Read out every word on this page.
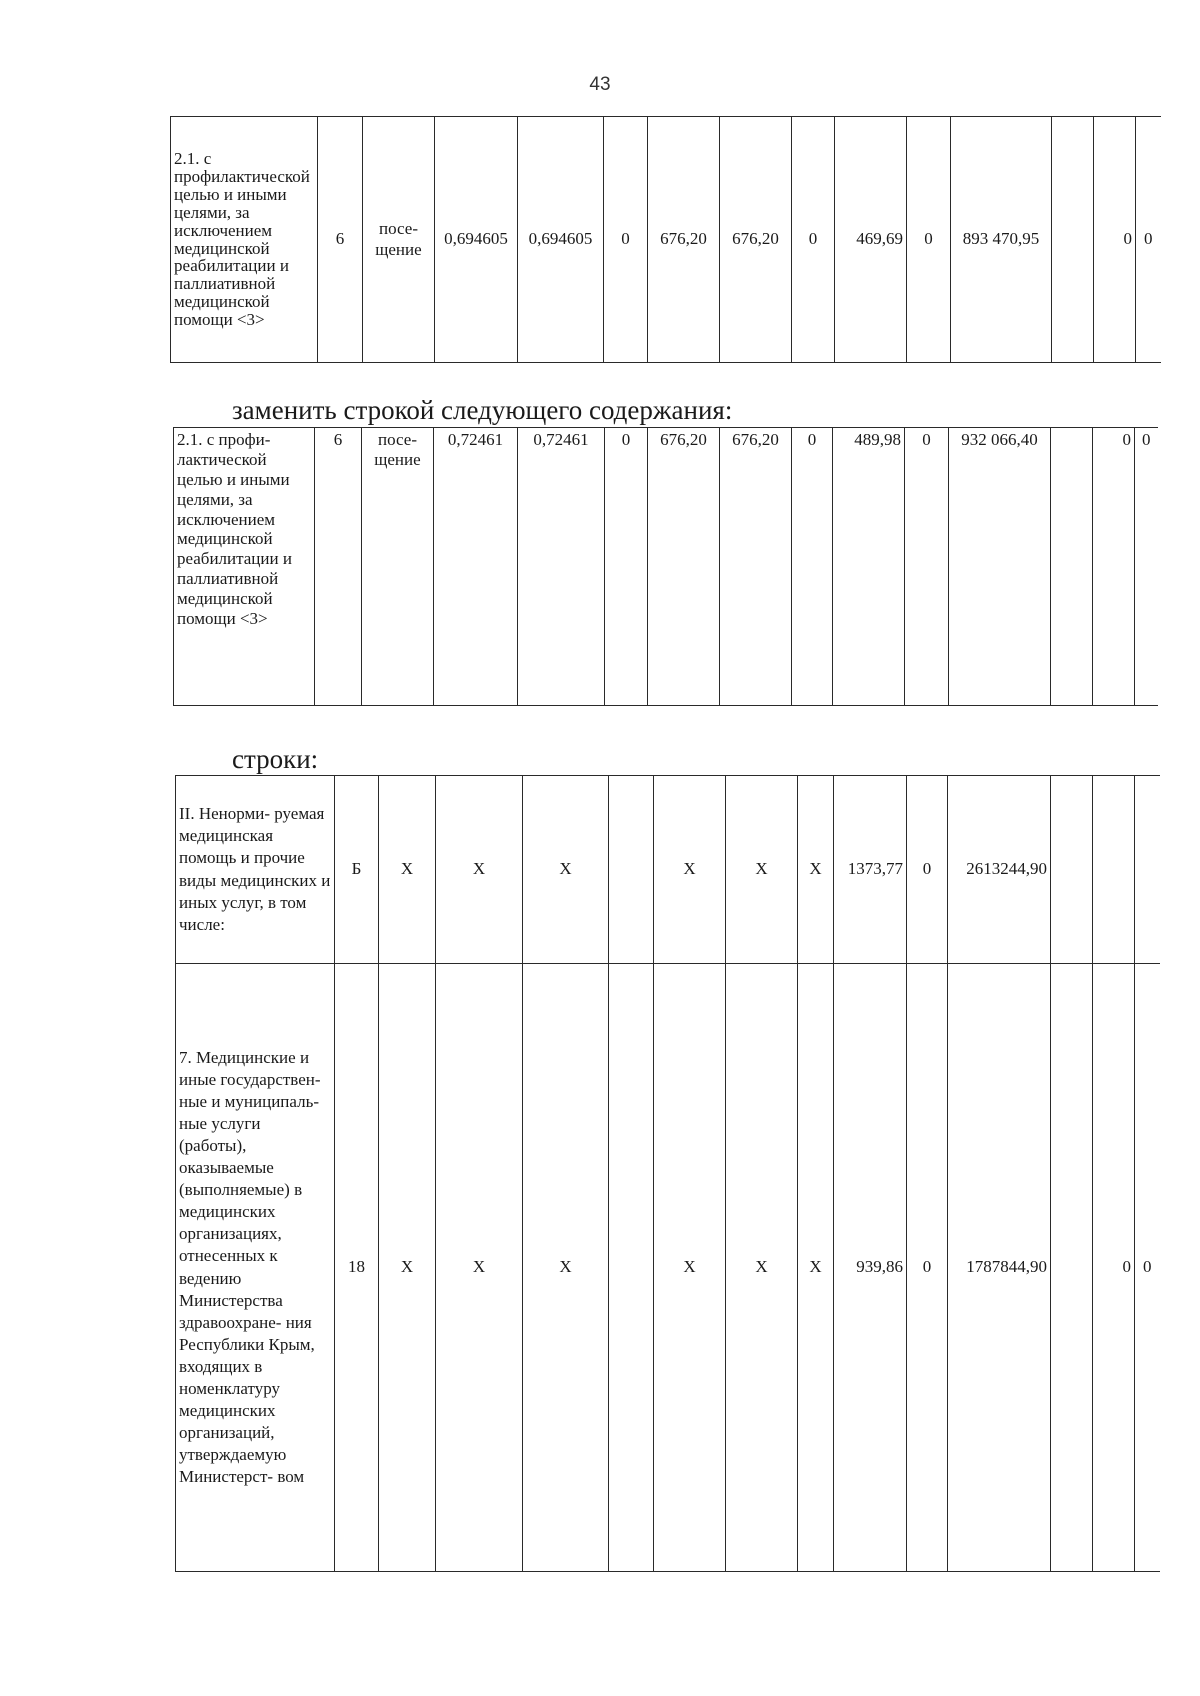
43
2.1. с профилактической целью и иными целями, за исключением медицинской реабилитации и паллиативной медицинской помощи <3>	6	посе- щение	0,694605	0,694605	0	676,20	676,20	0	469,69	0	893 470,95		0	0
заменить строкой следующего содержания:
2.1. с профи- лактической целью и иными целями, за исключением медицинской реабилитации и паллиативной медицинской помощи <3>	6	посе- щение	0,72461	0,72461	0	676,20	676,20	0	489,98	0	932 066,40		0	0
строки:
II. Ненорми- руемая медицинская помощь и прочие виды медицинских и иных услуг, в том числе:	Б	Х	Х	Х		Х	Х	Х	1373,77	0	2613244,90			
7. Медицинские и иные государствен- ные и муниципаль- ные услуги (работы), оказываемые (выполняемые) в медицинских организациях, отнесенных к ведению Министерства здравоохране- ния Республики Крым, входящих в номенклатуру медицинских организаций, утверждаемую Министерст- вом	18	Х	Х	Х		Х	Х	Х	939,86	0	1787844,90		0	0
